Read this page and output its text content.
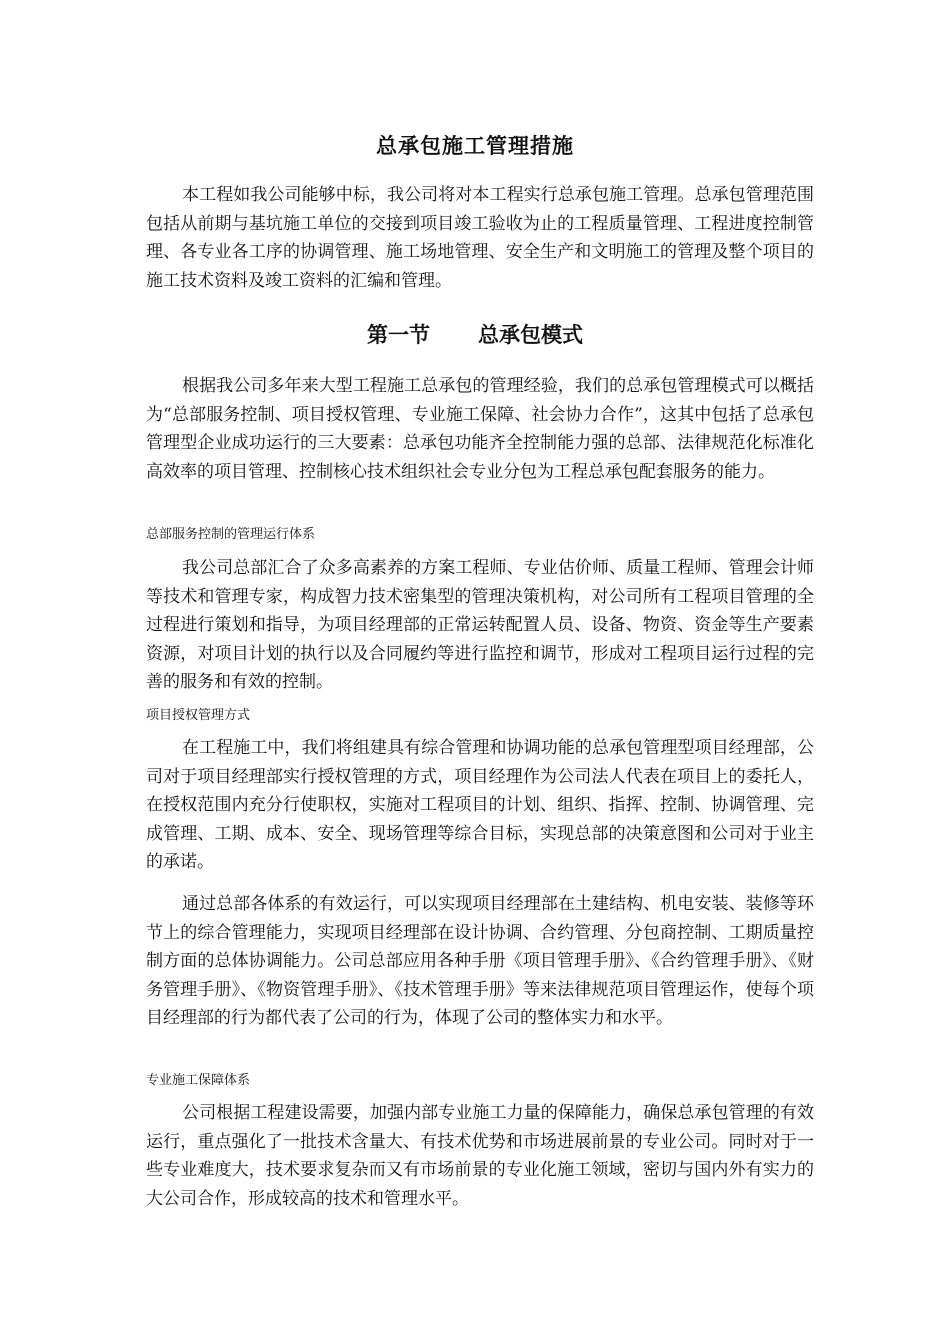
总承包施工管理措施

本工程如我公司能够中标，我公司将对本工程实行总承包施工管理。总承包管理范围包括从前期与基坑施工单位的交接到项目竣工验收为止的工程质量管理、工程进度控制管理、各专业各工序的协调管理、施工场地管理、安全生产和文明施工的管理及整个项目的施工技术资料及竣工资料的汇编和管理。

第一节 总承包模式

根据我公司多年来大型工程施工总承包的管理经验，我们的总承包管理模式可以概括为“总部服务控制、项目授权管理、专业施工保障、社会协力合作”，这其中包括了总承包管理型企业成功运行的三大要素：总承包功能齐全控制能力强的总部、法律规范化标准化高效率的项目管理、控制核心技术组织社会专业分包为工程总承包配套服务的能力。

总部服务控制的管理运行体系

我公司总部汇合了众多高素养的方案工程师、专业估价师、质量工程师、管理会计师等技术和管理专家，构成智力技术密集型的管理决策机构，对公司所有工程项目管理的全过程进行策划和指导，为项目经理部的正常运转配置人员、设备、物资、资金等生产要素资源，对项目计划的执行以及合同履约等进行监控和调节，形成对工程项目运行过程的完善的服务和有效的控制。

项目授权管理方式

在工程施工中，我们将组建具有综合管理和协调功能的总承包管理型项目经理部，公司对于项目经理部实行授权管理的方式，项目经理作为公司法人代表在项目上的委托人，在授权范围内充分行使职权，实施对工程项目的计划、组织、指挥、控制、协调管理、完成管理、工期、成本、安全、现场管理等综合目标，实现总部的决策意图和公司对于业主的承诺。

通过总部各体系的有效运行，可以实现项目经理部在土建结构、机电安装、装修等环节上的综合管理能力，实现项目经理部在设计协调、合约管理、分包商控制、工期质量控制方面的总体协调能力。公司总部应用各种手册《项目管理手册》、《合约管理手册》、《财务管理手册》、《物资管理手册》、《技术管理手册》等来法律规范项目管理运作，使每个项目经理部的行为都代表了公司的行为，体现了公司的整体实力和水平。

专业施工保障体系

公司根据工程建设需要，加强内部专业施工力量的保障能力，确保总承包管理的有效运行，重点强化了一批技术含量大、有技术优势和市场进展前景的专业公司。同时对于一些专业难度大，技术要求复杂而又有市场前景的专业化施工领域，密切与国内外有实力的大公司合作，形成较高的技术和管理水平。
